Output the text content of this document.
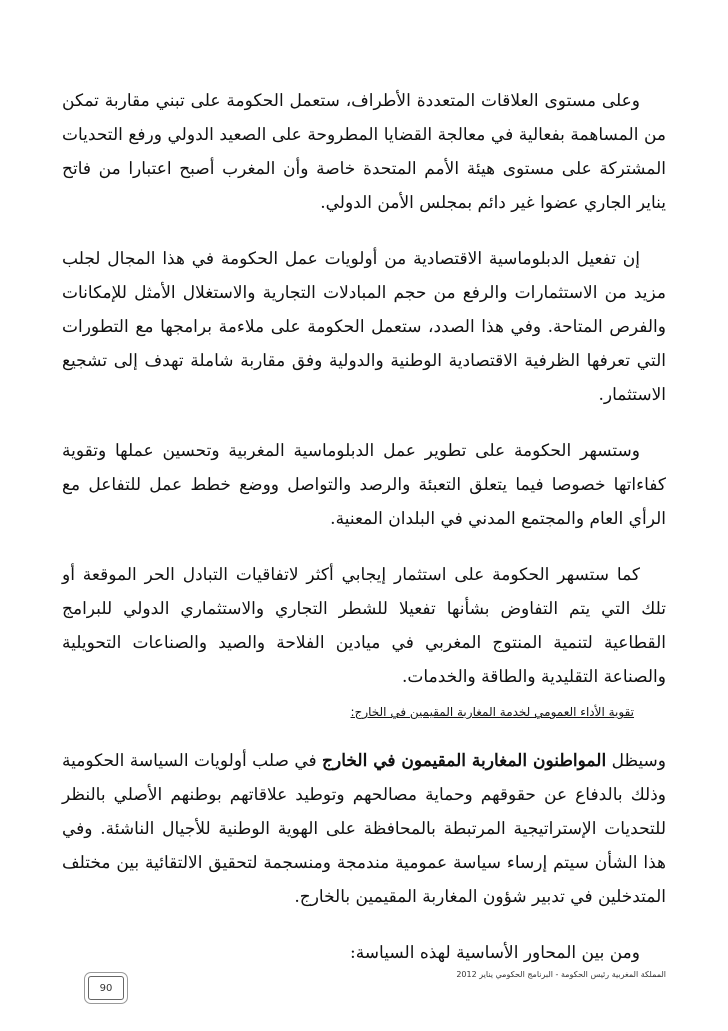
وعلى مستوى العلاقات المتعددة الأطراف، ستعمل الحكومة على تبني مقاربة تمكن من المساهمة بفعالية في معالجة القضايا المطروحة على الصعيد الدولي ورفع التحديات المشتركة على مستوى هيئة الأمم المتحدة خاصة وأن المغرب أصبح اعتبارا من فاتح يناير الجاري عضوا غير دائم بمجلس الأمن الدولي.

إن تفعيل الدبلوماسية الاقتصادية من أولويات عمل الحكومة في هذا المجال لجلب مزيد من الاستثمارات والرفع من حجم المبادلات التجارية والاستغلال الأمثل للإمكانات والفرص المتاحة. وفي هذا الصدد، ستعمل الحكومة على ملاءمة برامجها مع التطورات التي تعرفها الظرفية الاقتصادية الوطنية والدولية وفق مقاربة شاملة تهدف إلى تشجيع الاستثمار.

وستسهر الحكومة على تطوير عمل الدبلوماسية المغربية وتحسين عملها وتقوية كفاءاتها خصوصا فيما يتعلق التعبئة والرصد والتواصل ووضع خطط عمل للتفاعل مع الرأي العام والمجتمع المدني في البلدان المعنية.

كما ستسهر الحكومة على استثمار إيجابي أكثر لاتفاقيات التبادل الحر الموقعة أو تلك التي يتم التفاوض بشأنها تفعيلا للشطر التجاري والاستثماري الدولي للبرامج القطاعية لتنمية المنتوج المغربي في ميادين الفلاحة والصيد والصناعات التحويلية والصناعة التقليدية والطاقة والخدمات.

تقوية الأداء العمومي لخدمة المغاربة المقيمين في الخارج:

وسيظل المواطنون المغاربة المقيمون في الخارج في صلب أولويات السياسة الحكومية وذلك بالدفاع عن حقوقهم وحماية مصالحهم وتوطيد علاقاتهم بوطنهم الأصلي بالنظر للتحديات الإستراتيجية المرتبطة بالمحافظة على الهوية الوطنية للأجيال الناشئة. وفي هذا الشأن سيتم إرساء سياسة عمومية مندمجة ومنسجمة لتحقيق الالتقائية بين مختلف المتدخلين في تدبير شؤون المغاربة المقيمين بالخارج.

ومن بين المحاور الأساسية لهذه السياسة:

المملكة المغربية رئيس الحكومة - البرنامج الحكومي يناير 2012
90
